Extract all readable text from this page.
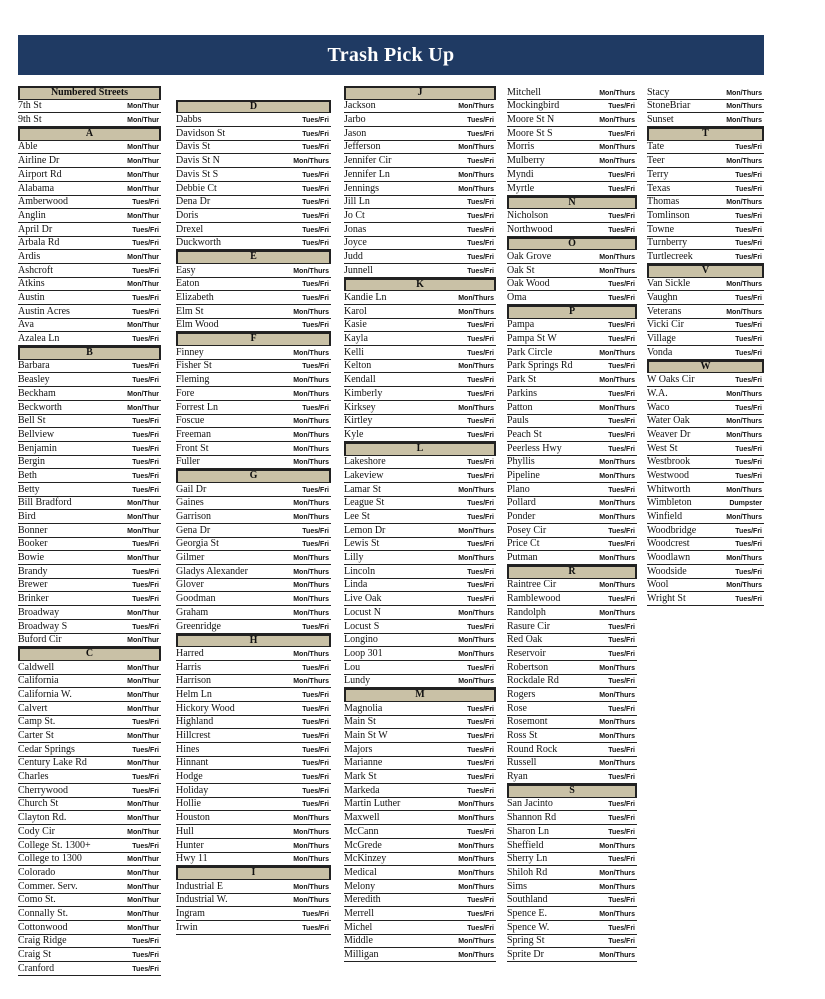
Trash Pick Up
Numbered Streets
7th St	Mon/Thur
9th St	Mon/Thur
A
Able	Mon/Thur
Airline Dr	Mon/Thur
Airport Rd	Mon/Thur
Alabama	Mon/Thur
Amberwood	Tues/Fri
Anglin	Mon/Thur
April Dr	Tues/Fri
Arbala Rd	Tues/Fri
Ardis	Mon/Thur
Ashcroft	Tues/Fri
Atkins	Mon/Thur
Austin	Tues/Fri
Austin Acres	Tues/Fri
Ava	Mon/Thur
Azalea Ln	Tues/Fri
B
Barbara	Tues/Fri
Beasley	Tues/Fri
Beckham	Mon/Thur
Beckworth	Mon/Thur
Bell St	Tues/Fri
Bellview	Tues/Fri
Benjamin	Tues/Fri
Bergin	Tues/Fri
Beth	Tues/Fri
Betty	Tues/Fri
Bill Bradford	Mon/Thur
Bird	Mon/Thur
Bonner	Mon/Thur
Booker	Tues/Fri
Bowie	Mon/Thur
Brandy	Tues/Fri
Brewer	Tues/Fri
Brinker	Tues/Fri
Broadway	Mon/Thur
Broadway S	Tues/Fri
Buford Cir	Mon/Thur
C
Caldwell	Mon/Thur
California	Mon/Thur
California W.	Mon/Thur
Calvert	Mon/Thur
Camp St.	Tues/Fri
Carter St	Mon/Thur
Cedar Springs	Tues/Fri
Century Lake Rd	Mon/Thur
Charles	Tues/Fri
Cherrywood	Tues/Fri
Church St	Mon/Thur
Clayton Rd.	Mon/Thur
Cody Cir	Mon/Thur
College St. 1300+	Tues/Fri
College to 1300	Mon/Thur
Colorado	Mon/Thur
Commer. Serv.	Mon/Thur
Como St.	Mon/Thur
Connally St.	Mon/Thur
Cottonwood	Mon/Thur
Craig Ridge	Tues/Fri
Craig St	Tues/Fri
Cranford	Tues/Fri
D
Dabbs	Tues/Fri
Davidson St	Tues/Fri
Davis St	Tues/Fri
Davis St N	Mon/Thurs
Davis St S	Tues/Fri
Debbie Ct	Tues/Fri
Dena Dr	Tues/Fri
Doris	Tues/Fri
Drexel	Tues/Fri
Duckworth	Tues/Fri
E
Easy	Mon/Thurs
Eaton	Tues/Fri
Elizabeth	Tues/Fri
Elm St	Mon/Thurs
Elm Wood	Tues/Fri
F
Finney	Mon/Thurs
Fisher St	Tues/Fri
Fleming	Mon/Thurs
Fore	Mon/Thurs
Forrest Ln	Tues/Fri
Foscue	Mon/Thurs
Freeman	Mon/Thurs
Front St	Mon/Thurs
Fuller	Mon/Thurs
G
Gail Dr	Tues/Fri
Gaines	Mon/Thurs
Garrison	Mon/Thurs
Gena Dr	Tues/Fri
Georgia St	Tues/Fri
Gilmer	Mon/Thurs
Gladys Alexander	Mon/Thurs
Glover	Mon/Thurs
Goodman	Mon/Thurs
Graham	Mon/Thurs
Greenridge	Tues/Fri
H
Harred	Mon/Thurs
Harris	Tues/Fri
Harrison	Mon/Thurs
Helm Ln	Tues/Fri
Hickory Wood	Tues/Fri
Highland	Tues/Fri
Hillcrest	Tues/Fri
Hines	Tues/Fri
Hinnant	Tues/Fri
Hodge	Tues/Fri
Holiday	Tues/Fri
Hollie	Tues/Fri
Houston	Mon/Thurs
Hull	Mon/Thurs
Hunter	Mon/Thurs
Hwy 11	Mon/Thurs
I
Industrial E	Mon/Thurs
Industrial W.	Mon/Thurs
Ingram	Tues/Fri
Irwin	Tues/Fri
J
Jackson	Mon/Thurs
Jarbo	Tues/Fri
Jason	Tues/Fri
Jefferson	Mon/Thurs
Jennifer Cir	Tues/Fri
Jennifer Ln	Mon/Thurs
Jennings	Mon/Thurs
Jill Ln	Tues/Fri
Jo Ct	Tues/Fri
Jonas	Tues/Fri
Joyce	Tues/Fri
Judd	Tues/Fri
Junnell	Tues/Fri
K
Kandie Ln	Mon/Thurs
Karol	Mon/Thurs
Kasie	Tues/Fri
Kayla	Tues/Fri
Kelli	Tues/Fri
Kelton	Mon/Thurs
Kendall	Tues/Fri
Kimberly	Tues/Fri
Kirksey	Mon/Thurs
Kirtley	Tues/Fri
Kyle	Tues/Fri
L
Lakeshore	Tues/Fri
Lakeview	Tues/Fri
Lamar St	Mon/Thurs
League St	Tues/Fri
Lee St	Tues/Fri
Lemon Dr	Mon/Thurs
Lewis St	Tues/Fri
Lilly	Mon/Thurs
Lincoln	Tues/Fri
Linda	Tues/Fri
Live Oak	Tues/Fri
Locust N	Mon/Thurs
Locust S	Tues/Fri
Longino	Mon/Thurs
Loop 301	Mon/Thurs
Lou	Tues/Fri
Lundy	Mon/Thurs
M
Magnolia	Tues/Fri
Main St	Tues/Fri
Main St W	Tues/Fri
Majors	Tues/Fri
Marianne	Tues/Fri
Mark St	Tues/Fri
Markeda	Tues/Fri
Martin Luther	Mon/Thurs
Maxwell	Mon/Thurs
McCann	Tues/Fri
McGrede	Mon/Thurs
McKinzey	Mon/Thurs
Medical	Mon/Thurs
Melony	Mon/Thurs
Meredith	Tues/Fri
Merrell	Tues/Fri
Michel	Tues/Fri
Middle	Mon/Thurs
Milligan	Mon/Thurs
Mitchell	Mon/Thurs
Mockingbird	Tues/Fri
Moore St N	Mon/Thurs
Moore St S	Tues/Fri
Morris	Mon/Thurs
Mulberry	Mon/Thurs
Myndi	Tues/Fri
Myrtle	Tues/Fri
N
Nicholson	Tues/Fri
Northwood	Tues/Fri
O
Oak Grove	Mon/Thurs
Oak St	Mon/Thurs
Oak Wood	Tues/Fri
Oma	Tues/Fri
P
Pampa	Tues/Fri
Pampa St W	Tues/Fri
Park Circle	Mon/Thurs
Park Springs Rd	Tues/Fri
Park St	Mon/Thurs
Parkins	Tues/Fri
Patton	Mon/Thurs
Pauls	Tues/Fri
Peach St	Tues/Fri
Peerless Hwy	Tues/Fri
Phyllis	Mon/Thurs
Pipeline	Mon/Thurs
Plano	Tues/Fri
Pollard	Mon/Thurs
Ponder	Mon/Thurs
Posey Cir	Tues/Fri
Price Ct	Tues/Fri
Putman	Mon/Thurs
R
Raintree Cir	Mon/Thurs
Ramblewood	Tues/Fri
Randolph	Mon/Thurs
Rasure Cir	Tues/Fri
Red Oak	Tues/Fri
Reservoir	Tues/Fri
Robertson	Mon/Thurs
Rockdale Rd	Tues/Fri
Rogers	Mon/Thurs
Rose	Tues/Fri
Rosemont	Mon/Thurs
Ross St	Mon/Thurs
Round Rock	Tues/Fri
Russell	Mon/Thurs
Ryan	Tues/Fri
S
San Jacinto	Tues/Fri
Shannon Rd	Tues/Fri
Sharon Ln	Tues/Fri
Sheffield	Mon/Thurs
Sherry Ln	Tues/Fri
Shiloh Rd	Mon/Thurs
Sims	Mon/Thurs
Southland	Tues/Fri
Spence E.	Mon/Thurs
Spence W.	Tues/Fri
Spring St	Tues/Fri
Sprite Dr	Mon/Thurs
Stacy	Mon/Thurs
StoneBriar	Mon/Thurs
Sunset	Mon/Thurs
T
Tate	Tues/Fri
Teer	Mon/Thurs
Terry	Tues/Fri
Texas	Tues/Fri
Thomas	Mon/Thurs
Tomlinson	Tues/Fri
Towne	Tues/Fri
Turnberry	Tues/Fri
Turtlecreek	Tues/Fri
V
Van Sickle	Mon/Thurs
Vaughn	Tues/Fri
Veterans	Mon/Thurs
Vicki Cir	Tues/Fri
Village	Tues/Fri
Vonda	Tues/Fri
W
W Oaks Cir	Tues/Fri
W.A.	Mon/Thurs
Waco	Tues/Fri
Water Oak	Mon/Thurs
Weaver Dr	Mon/Thurs
West St	Tues/Fri
Westbrook	Tues/Fri
Westwood	Tues/Fri
Whitworth	Mon/Thurs
Wimbleton	Dumpster
Winfield	Mon/Thurs
Woodbridge	Tues/Fri
Woodcrest	Tues/Fri
Woodlawn	Mon/Thurs
Woodside	Tues/Fri
Wool	Mon/Thurs
Wright St	Tues/Fri
